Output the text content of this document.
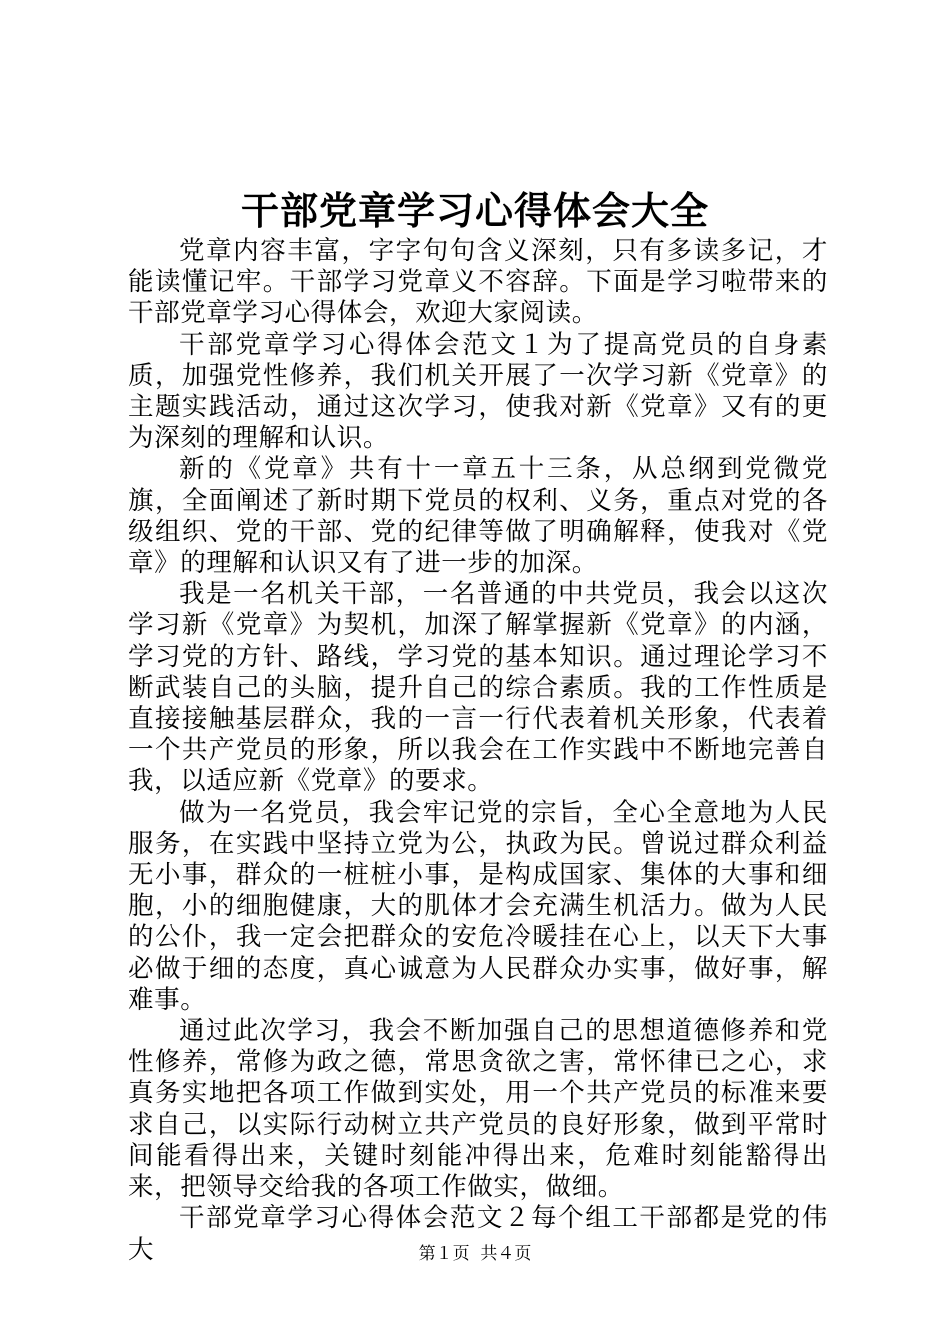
干部党章学习心得体会大全

党章内容丰富，字字句句含义深刻，只有多读多记，才能读懂记牢。干部学习党章义不容辞。下面是学习啦带来的干部党章学习心得体会，欢迎大家阅读。

干部党章学习心得体会范文１为了提高党员的自身素质，加强党性修养，我们机关开展了一次学习新《党章》的主题实践活动，通过这次学习，使我对新《党章》又有的更为深刻的理解和认识。

新的《党章》共有十一章五十三条，从总纲到党微党旗，全面阐述了新时期下党员的权利、义务，重点对党的各级组织、党的干部、党的纪律等做了明确解释，使我对《党章》的理解和认识又有了进一步的加深。

我是一名机关干部，一名普通的中共党员，我会以这次学习新《党章》为契机，加深了解掌握新《党章》的内涵，学习党的方针、路线，学习党的基本知识。通过理论学习不断武装自己的头脑，提升自己的综合素质。我的工作性质是直接接触基层群众，我的一言一行代表着机关形象，代表着一个共产党员的形象，所以我会在工作实践中不断地完善自我，以适应新《党章》的要求。

做为一名党员，我会牢记党的宗旨，全心全意地为人民服务，在实践中坚持立党为公，执政为民。曾说过群众利益无小事，群众的一桩桩小事，是构成国家、集体的大事和细胞，小的细胞健康，大的肌体才会充满生机活力。做为人民的公仆，我一定会把群众的安危冷暖挂在心上，以天下大事必做于细的态度，真心诚意为人民群众办实事，做好事，解难事。

通过此次学习，我会不断加强自己的思想道德修养和党性修养，常修为政之德，常思贪欲之害，常怀律已之心，求真务实地把各项工作做到实处，用一个共产党员的标准来要求自己，以实际行动树立共产党员的良好形象，做到平常时间能看得出来，关键时刻能冲得出来，危难时刻能豁得出来，把领导交给我的各项工作做实，做细。

干部党章学习心得体会范文２每个组工干部都是党的伟大	第１页  共４页
